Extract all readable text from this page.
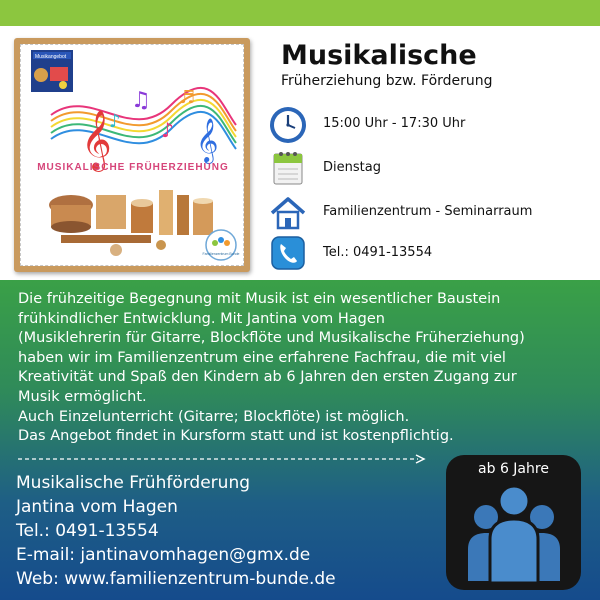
Musikangebot
𝄞 𝄞
♫
♪
♪
♬
MUSIKALISCHE FRÜHERZIEHUNG
Familienzentrum Bunde
Musikalische
Früherziehung bzw. Förderung
15:00 Uhr - 17:30 Uhr
Dienstag
Familienzentrum - Seminarraum
Tel.: 0491-13554
Die frühzeitige Begegnung mit Musik ist ein wesentlicher Baustein
frühkindlicher Entwicklung. Mit Jantina vom Hagen
(Musiklehrerin für Gitarre, Blockflöte und Musikalische Früherziehung)
haben wir im Familienzentrum eine erfahrene Fachfrau, die mit viel
Kreativität und Spaß den Kindern ab 6 Jahren den ersten Zugang zur
Musik ermöglicht.
Auch Einzelunterricht (Gitarre; Blockflöte) ist möglich.
Das Angebot findet in Kursform statt und ist kostenpflichtig.
Musikalische Frühförderung
Jantina vom Hagen
Tel.: 0491-13554
E-mail: jantinavomhagen@gmx.de
Web: www.familienzentrum-bunde.de
ab 6 Jahre
